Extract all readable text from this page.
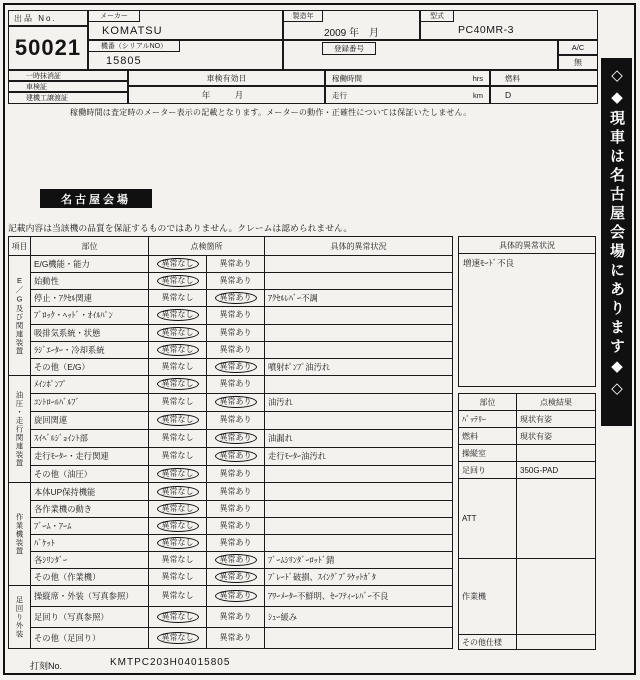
出品 No.
50021
メーカー
KOMATSU
機番（シリアルNO）
15805
製造年
2009 年　月
型式
PC40MR-3
登録番号	A/C
無
一時抹消証
車検証
建機工譲渡証
車検有効日
年　月
稼働時間	hrs
走行	km
燃料
D
稼働時間は査定時のメーター表示の記載となります。メーターの動作・正確性については保証いたしません。
名古屋会場
記載内容は当該機の品質を保証するものではありません。クレームは認められません。
項目	部位	点検箇所		具体的異常状況
E／G及び関連装置	E/G機能・能力	異常なし	異常あり	
	始動性	異常なし	異常あり	
	停止・ｱｸｾﾙ関連	異常なし	異常あり	ｱｸｾﾙﾚﾊﾞｰ不調
	ﾌﾞﾛｯｸ・ﾍｯﾄﾞ・ｵｲﾙﾊﾟﾝ	異常なし	異常あり	
	吸排気系統・状態	異常なし	異常あり	
	ﾗｼﾞｴｰﾀｰ・冷却系統	異常なし	異常あり	
	その他（E/G）	異常なし	異常あり	噴射ﾎﾟﾝﾌﾟ油汚れ
油圧・走行関連装置	ﾒｲﾝﾎﾟﾝﾌﾟ	異常なし	異常あり	
	ｺﾝﾄﾛｰﾙﾊﾞﾙﾌﾞ	異常なし	異常あり	油汚れ
	旋回関連	異常なし	異常あり	
	ｽｲﾍﾞﾙｼﾞｮｲﾝﾄ部	異常なし	異常あり	油漏れ
	走行ﾓｰﾀｰ・走行関連	異常なし	異常あり	走行ﾓｰﾀｰ油汚れ
	その他（油圧）	異常なし	異常あり	
作業機装置	本体UP保持機能	異常なし	異常あり	
	各作業機の動き	異常なし	異常あり	
	ﾌﾞｰﾑ・ｱｰﾑ	異常なし	異常あり	
	ﾊﾞｹｯﾄ	異常なし	異常あり	
	各ｼﾘﾝﾀﾞｰ	異常なし	異常あり	ﾌﾞｰﾑｼﾘﾝﾀﾞｰﾛｯﾄﾞ錆
	その他（作業機）	異常なし	異常あり	ﾌﾞﾚｰﾄﾞ破損、ｽｲﾝｸﾞﾌﾞﾗｹｯﾄｶﾞﾀ
足回り外装	操縦席・外装（写真参照）	異常なし	異常あり	ｱﾜｰﾒｰﾀｰ不鮮明、ｾｰﾌﾃｨｰﾚﾊﾞｰ不良
	足回り（写真参照）	異常なし	異常あり	ｼｭｰ緩み
	その他（足回り）	異常なし	異常あり	
具体的異常状況
増速ﾓｰﾄﾞ不良
部位	点検結果
ﾊﾞｯﾃﾘｰ	現状有姿
燃料	現状有姿
操縦室	
足回り	350G-PAD
ATT	
作業機	
その他仕様	
◇◆現車は名古屋会場にあります◆◇
打刻No.	KMTPC203H04015805
